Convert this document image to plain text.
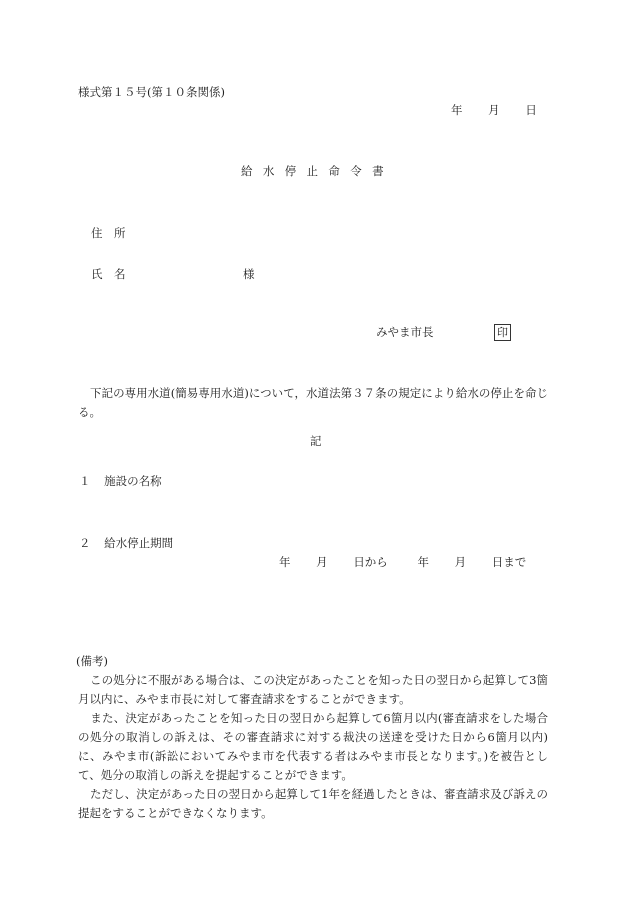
様式第１５号(第１０条関係)
年 月 日
給水停止命令書
住　所
氏　名	様
みやま市長	印
下記の専用水道(簡易専用水道)について，水道法第３７条の規定により給水の停止を命じる。
記
１ 施設の名称
２ 給水停止期間
年 月 日から	年 月 日まで
(備考)
この処分に不服がある場合は、この決定があったことを知った日の翌日から起算して3箇月以内に、みやま市長に対して審査請求をすることができます。
また、決定があったことを知った日の翌日から起算して6箇月以内(審査請求をした場合の処分の取消しの訴えは、その審査請求に対する裁決の送達を受けた日から6箇月以内)に、みやま市(訴訟においてみやま市を代表する者はみやま市長となります。)を被告として、処分の取消しの訴えを提起することができます。
ただし、決定があった日の翌日から起算して1年を経過したときは、審査請求及び訴えの提起をすることができなくなります。
